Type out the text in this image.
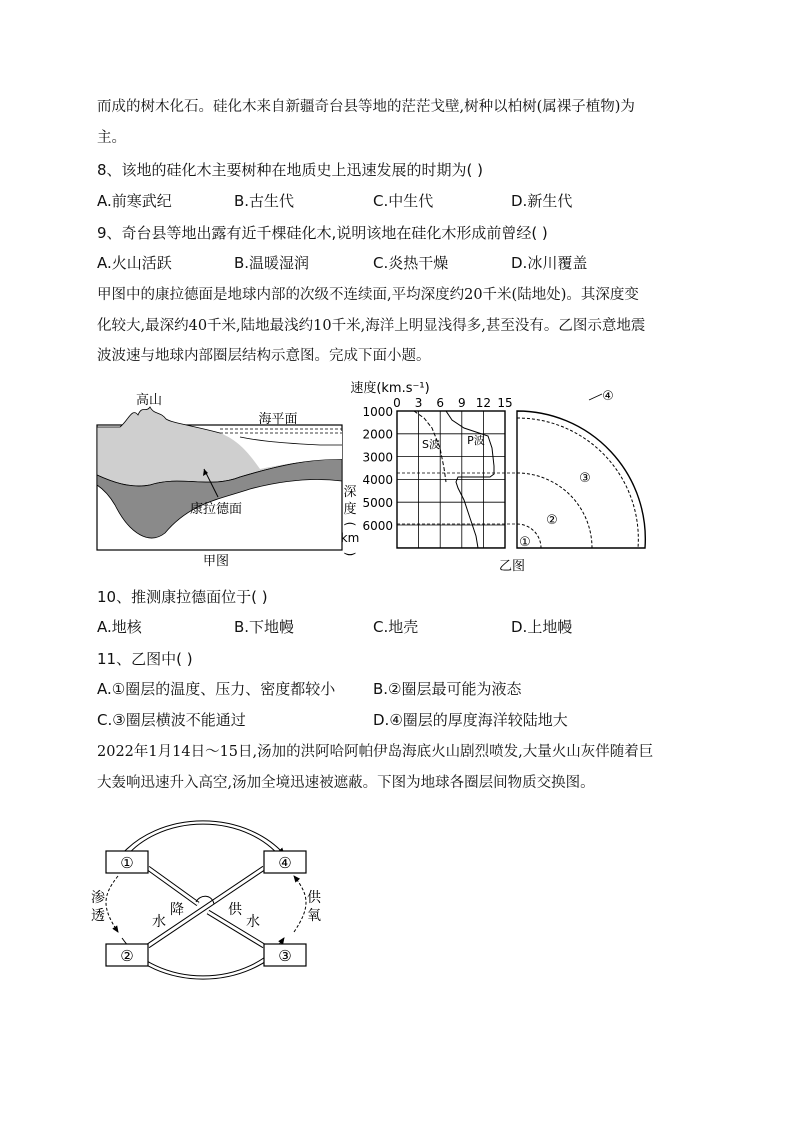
而成的树木化石。硅化木来自新疆奇台县等地的茫茫戈壁,树种以柏树(属裸子植物)为
主。
8、该地的硅化木主要树种在地质史上迅速发展的时期为( )
A.前寒武纪	B.古生代	C.中生代	D.新生代
9、奇台县等地出露有近千棵硅化木,说明该地在硅化木形成前曾经( )
A.火山活跃	B.温暖湿润	C.炎热干燥	D.冰川覆盖
甲图中的康拉德面是地球内部的次级不连续面,平均深度约20千米(陆地处)。其深度变
化较大,最深约40千米,陆地最浅约10千米,海洋上明显浅得多,甚至没有。乙图示意地震
波波速与地球内部圈层结构示意图。完成下面小题。
高山
海平面
康拉德面
甲图
速度(km.s⁻¹)
0 3 6 9 12 15
1000
2000
3000
4000
5000
6000
深
度
(
km
)
S波 P波
④
③
②
①
乙图
10、推测康拉德面位于( )
A.地核	B.下地幔	C.地壳	D.上地幔
11、乙图中( )
A.①圈层的温度、压力、密度都较小	B.②圈层最可能为液态
C.③圈层横波不能通过	D.④圈层的厚度海洋较陆地大
2022年1月14日～15日,汤加的洪阿哈阿帕伊岛海底火山剧烈喷发,大量火山灰伴随着巨
大轰响迅速升入高空,汤加全境迅速被遮蔽。下图为地球各圈层间物质交换图。
①	④
②	③
渗
透
供
氧
降
水
供
水
